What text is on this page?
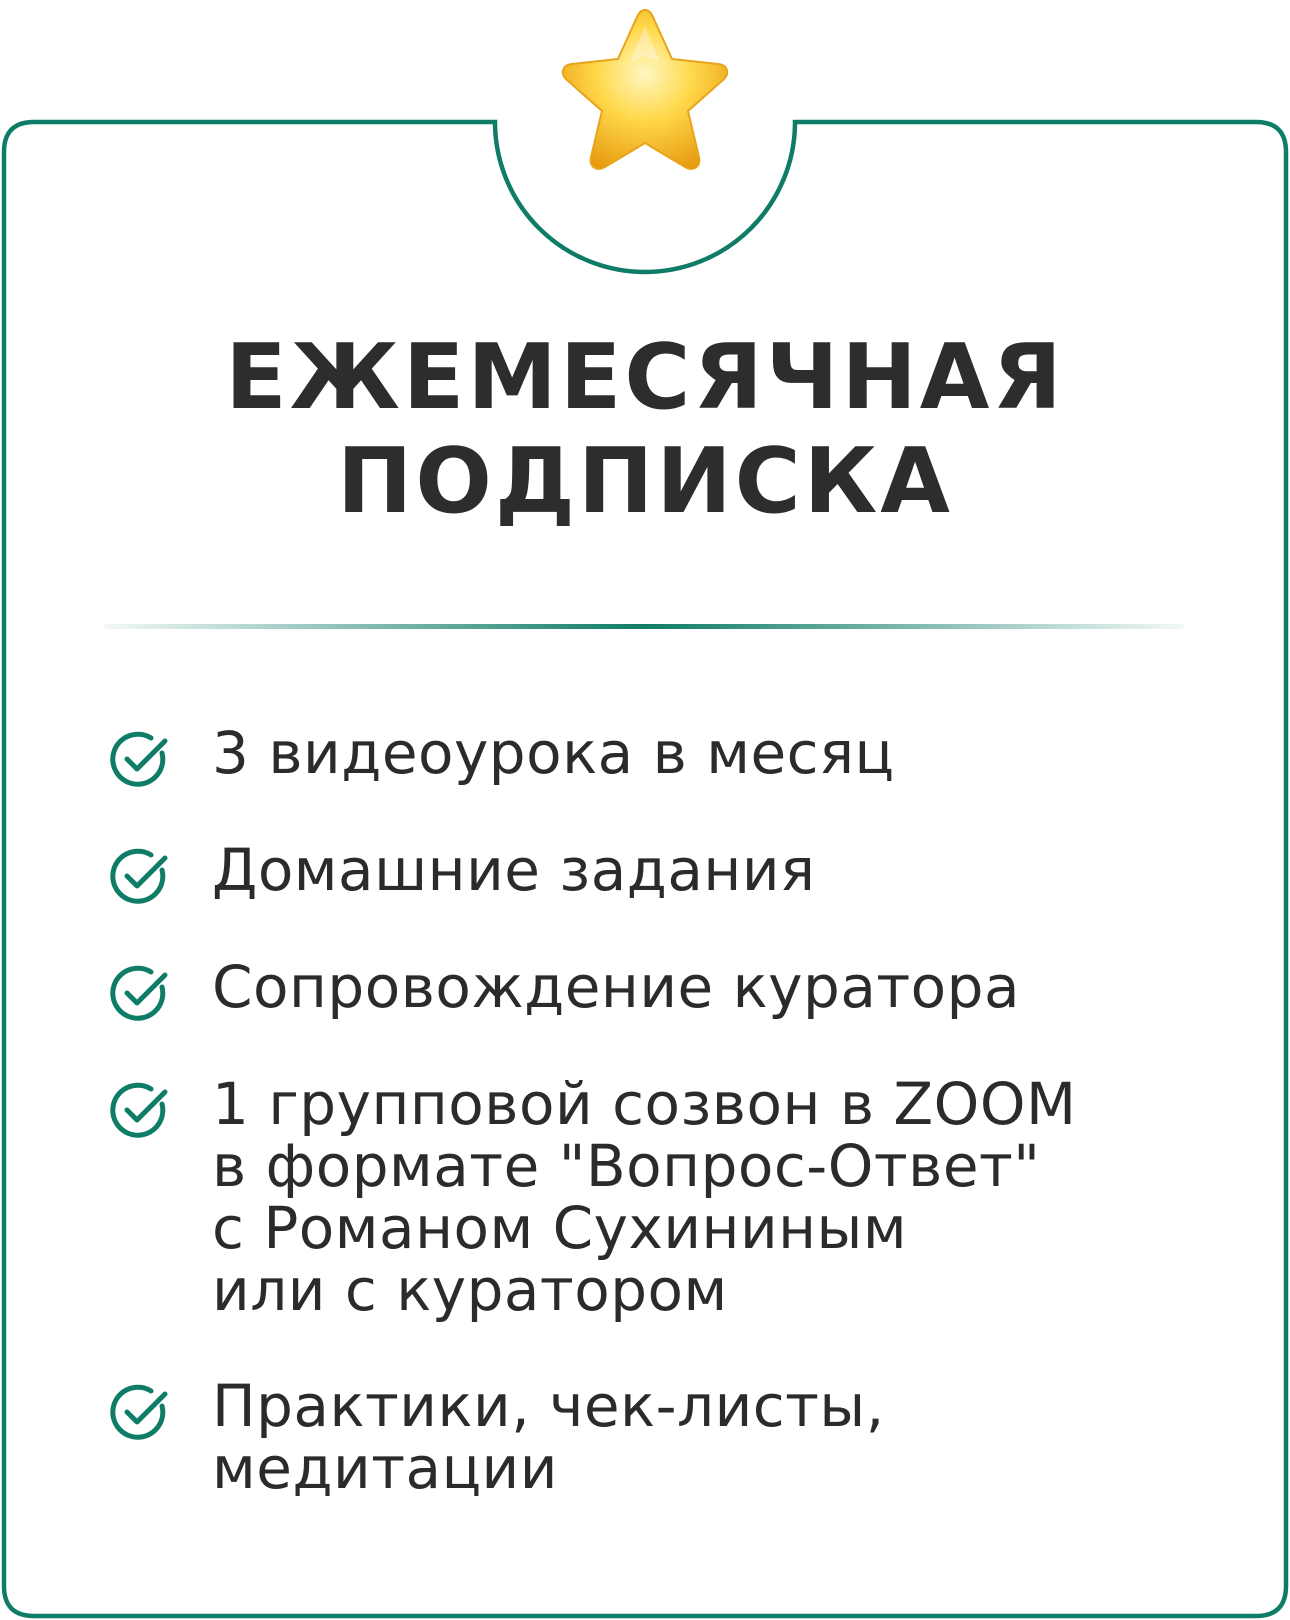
ЕЖЕМЕСЯЧНАЯ
ПОДПИСКА
3 видеоурока в месяц
Домашние задания
Сопровождение куратора
1 групповой созвон в ZOOM
в формате "Вопрос-Ответ"
с Романом Сухининым
или с куратором
Практики, чек-листы,
медитации
